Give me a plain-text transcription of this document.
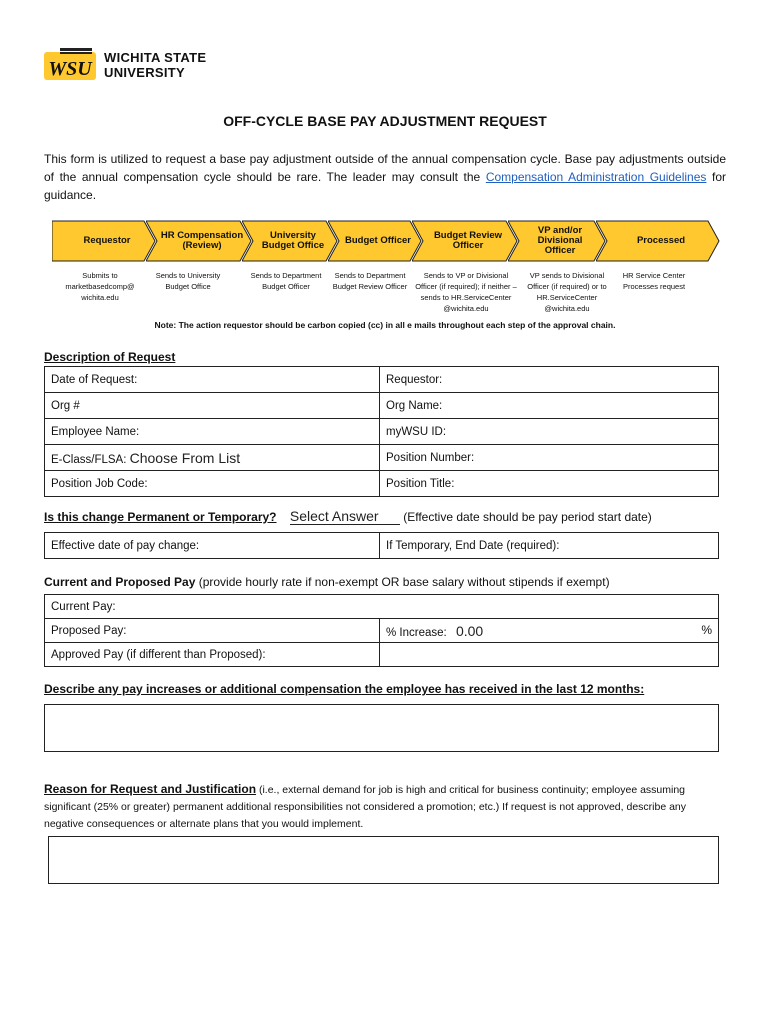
WSU
WICHITA STATE
UNIVERSITY
OFF-CYCLE BASE PAY ADJUSTMENT REQUEST
This form is utilized to request a base pay adjustment outside of the annual compensation cycle. Base pay adjustments outside of the annual compensation cycle should be rare. The leader may consult the Compensation Administration Guidelines for guidance.
Requestor	HR Compensation (Review)
University Budget Office	Budget Officer	Budget Review Officer
VP and/or Divisional Officer
Processed
Submits to marketbasedcomp@ wichita.edu
Sends to University Budget Office
Sends to Department Budget Officer
Sends to Department Budget Review Officer
Sends to VP or Divisional Officer (if required); if neither – sends to HR.ServiceCenter @wichita.edu
VP sends to Divisional Officer (if required) or to HR.ServiceCenter @wichita.edu
HR Service Center Processes request
Note: The action requestor should be carbon copied (cc) in all e mails throughout each step of the approval chain.
Description of Request
Date of Request:	Requestor:
Org #	Org Name:
Employee Name:	myWSU ID:
E-Class/FLSA: Choose From List	Position Number:
Position Job Code:	Position Title:
Is this change Permanent or Temporary? Select Answer (Effective date should be pay period start date)
Effective date of pay change:	If Temporary, End Date (required):
Current and Proposed Pay (provide hourly rate if non-exempt OR base salary without stipends if exempt)
Current Pay:	
Proposed Pay:	% Increase: 0.00 %

Approved Pay (if different than Proposed):	
Describe any pay increases or additional compensation the employee has received in the last 12 months:
Reason for Request and Justification (i.e., external demand for job is high and critical for business continuity; employee assuming significant (25% or greater) permanent additional responsibilities not considered a promotion; etc.) If request is not approved, describe any negative consequences or alternate plans that you would implement.
